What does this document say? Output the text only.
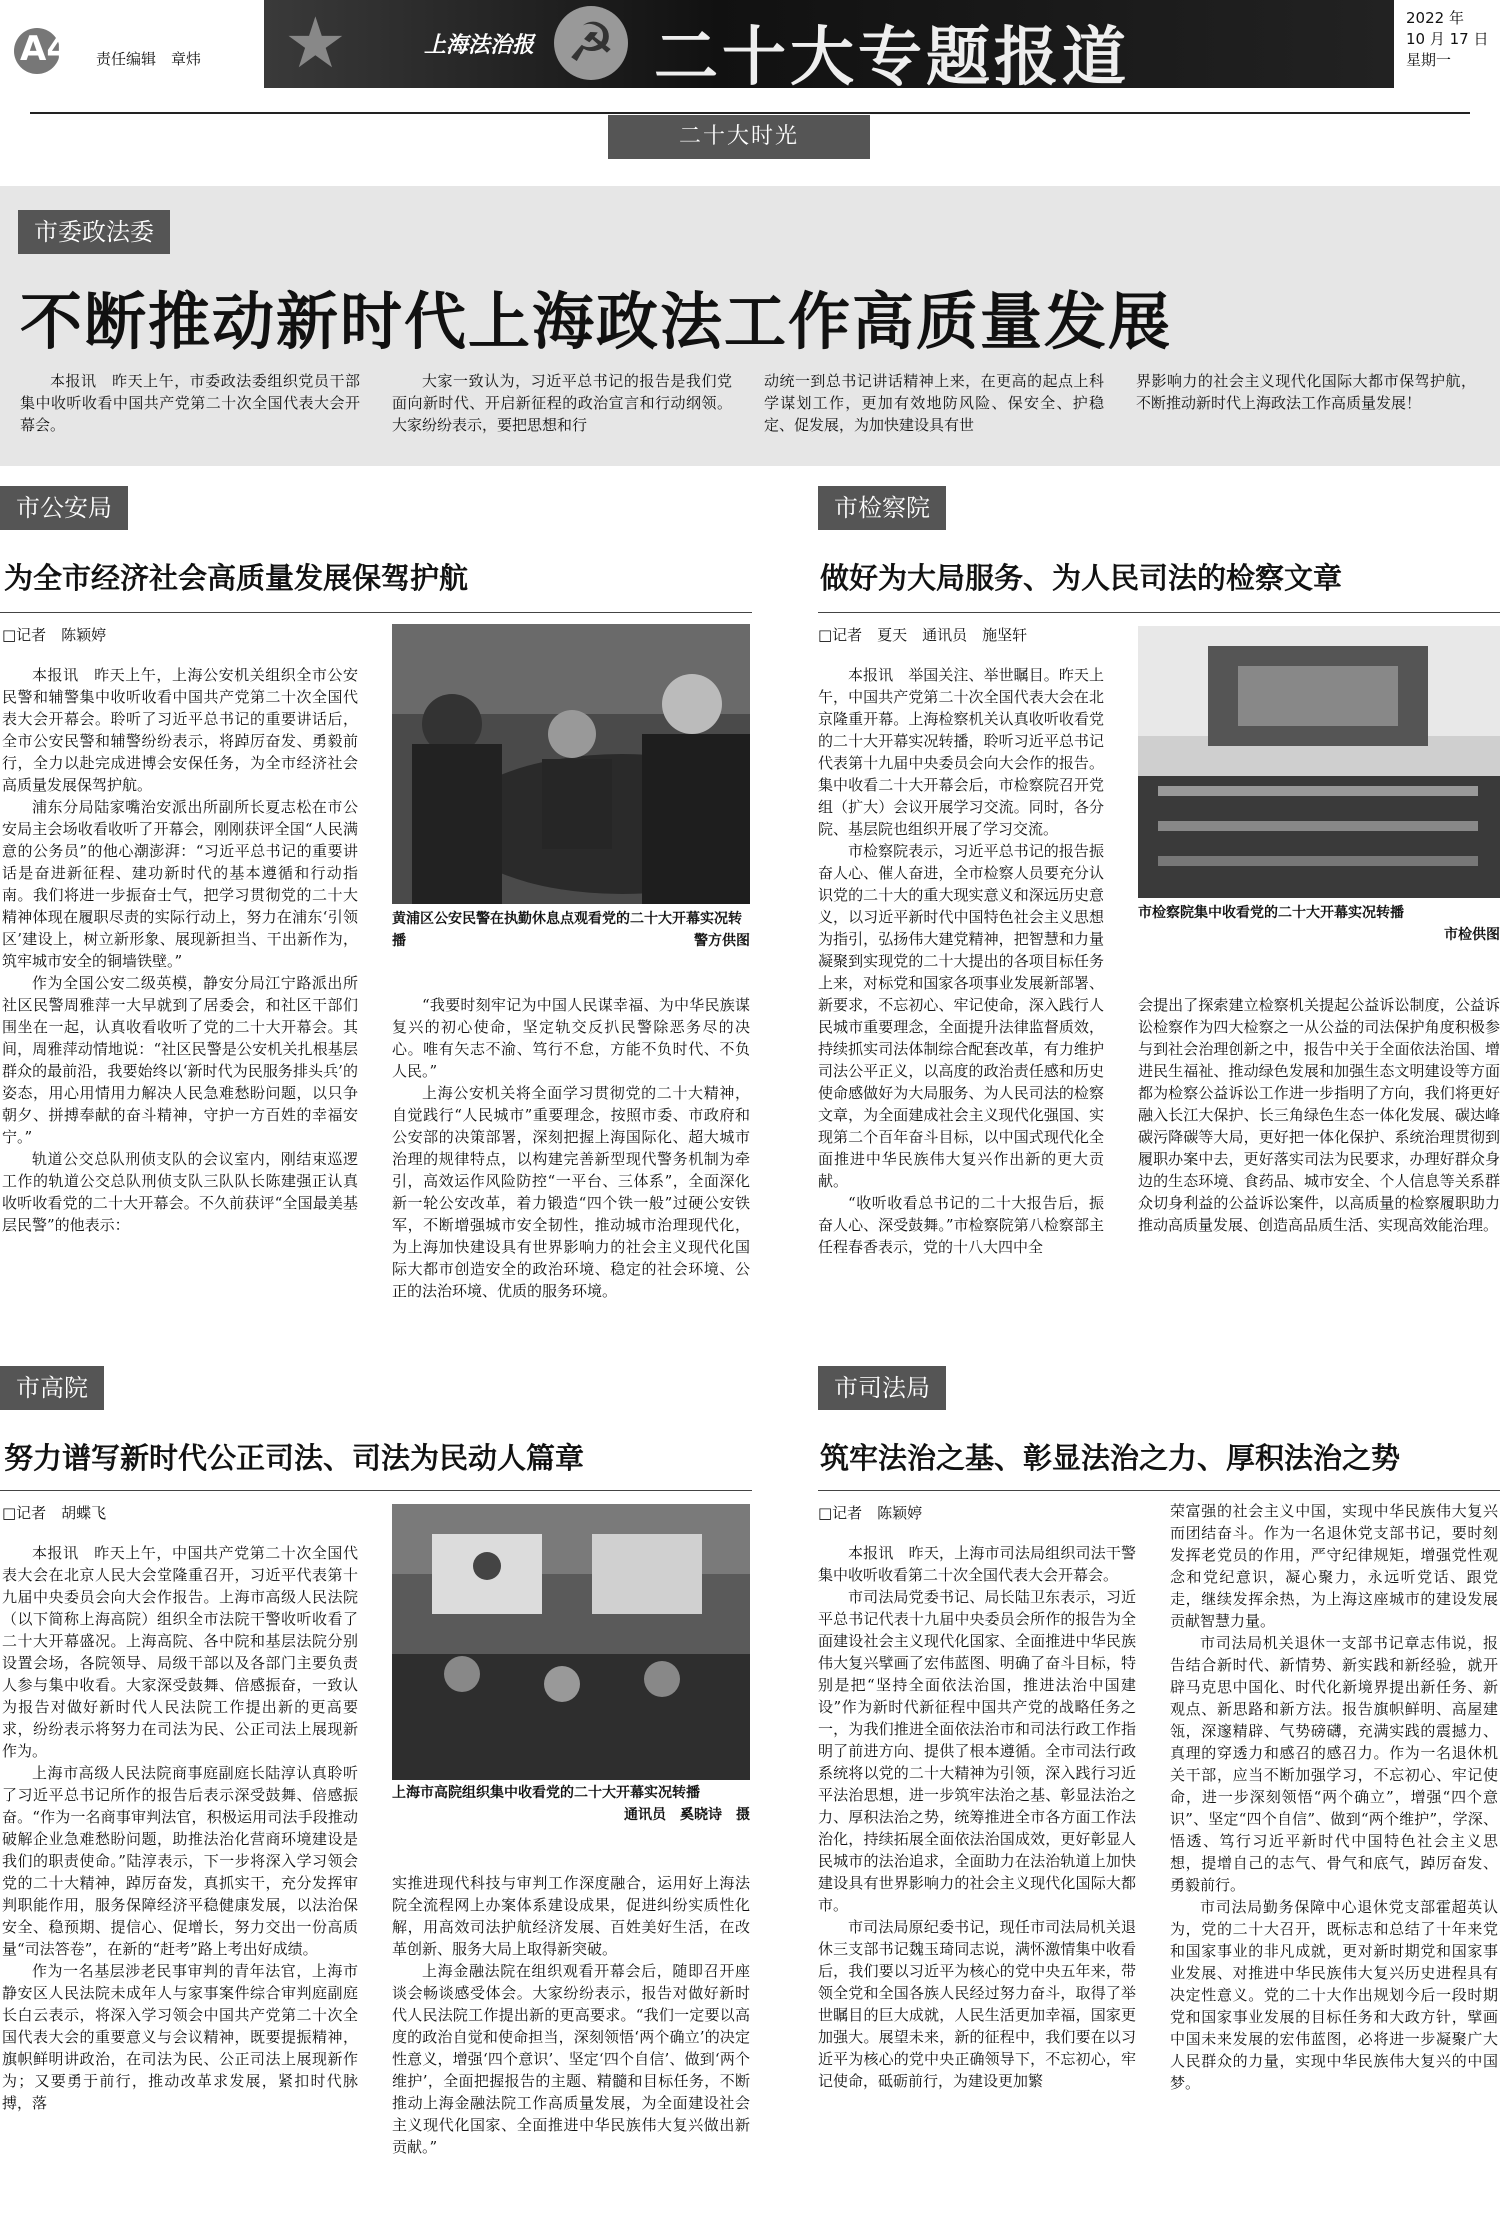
A4 责任编辑　章炜 ★	上海法治报 ☭ 二十大专题报道
2022 年
10 月 17 日
星期一
二十大时光
市委政法委
不断推动新时代上海政法工作高质量发展

本报讯　昨天上午，市委政法委组织党员干部集中收听收看中国共产党第二十次全国代表大会开幕会。

大家一致认为，习近平总书记的报告是我们党面向新时代、开启新征程的政治宣言和行动纲领。大家纷纷表示，要把思想和行

动统一到总书记讲话精神上来，在更高的起点上科学谋划工作，更加有效地防风险、保安全、护稳定、促发展，为加快建设具有世

界影响力的社会主义现代化国际大都市保驾护航，不断推动新时代上海政法工作高质量发展！

市公安局
为全市经济社会高质量发展保驾护航
□记者　陈颖婷

本报讯　昨天上午，上海公安机关组织全市公安民警和辅警集中收听收看中国共产党第二十次全国代表大会开幕会。聆听了习近平总书记的重要讲话后，全市公安民警和辅警纷纷表示，将踔厉奋发、勇毅前行，全力以赴完成进博会安保任务，为全市经济社会高质量发展保驾护航。

浦东分局陆家嘴治安派出所副所长夏志松在市公安局主会场收看收听了开幕会，刚刚获评全国“人民满意的公务员”的他心潮澎湃：“习近平总书记的重要讲话是奋进新征程、建功新时代的基本遵循和行动指南。我们将进一步振奋士气，把学习贯彻党的二十大精神体现在履职尽责的实际行动上，努力在浦东‘引领区’建设上，树立新形象、展现新担当、干出新作为，筑牢城市安全的铜墙铁壁。”

作为全国公安二级英模，静安分局江宁路派出所社区民警周雅萍一大早就到了居委会，和社区干部们围坐在一起，认真收看收听了党的二十大开幕会。其间，周雅萍动情地说：“社区民警是公安机关扎根基层群众的最前沿，我要始终以‘新时代为民服务排头兵’的姿态，用心用情用力解决人民急难愁盼问题，以只争朝夕、拼搏奉献的奋斗精神，守护一方百姓的幸福安宁。”

轨道公交总队刑侦支队的会议室内，刚结束巡逻工作的轨道公交总队刑侦支队三队队长陈建强正认真收听收看党的二十大开幕会。不久前获评“全国最美基层民警”的他表示：

黄浦区公安民警在执勤休息点观看党的二十大开幕实况转播	警方供图

“我要时刻牢记为中国人民谋幸福、为中华民族谋复兴的初心使命，坚定轨交反扒民警除恶务尽的决心。唯有矢志不渝、笃行不怠，方能不负时代、不负人民。”

上海公安机关将全面学习贯彻党的二十大精神，自觉践行“人民城市”重要理念，按照市委、市政府和公安部的决策部署，深刻把握上海国际化、超大城市治理的规律特点，以构建完善新型现代警务机制为牵引，高效运作风险防控“一平台、三体系”，全面深化新一轮公安改革，着力锻造“四个铁一般”过硬公安铁军，不断增强城市安全韧性，推动城市治理现代化，为上海加快建设具有世界影响力的社会主义现代化国际大都市创造安全的政治环境、稳定的社会环境、公正的法治环境、优质的服务环境。

市检察院
做好为大局服务、为人民司法的检察文章
□记者　夏天　通讯员　施坚轩

本报讯　举国关注、举世瞩目。昨天上午，中国共产党第二十次全国代表大会在北京隆重开幕。上海检察机关认真收听收看党的二十大开幕实况转播，聆听习近平总书记代表第十九届中央委员会向大会作的报告。集中收看二十大开幕会后，市检察院召开党组（扩大）会议开展学习交流。同时，各分院、基层院也组织开展了学习交流。

市检察院表示，习近平总书记的报告振奋人心、催人奋进，全市检察人员要充分认识党的二十大的重大现实意义和深远历史意义，以习近平新时代中国特色社会主义思想为指引，弘扬伟大建党精神，把智慧和力量凝聚到实现党的二十大提出的各项目标任务上来，对标党和国家各项事业发展新部署、新要求，不忘初心、牢记使命，深入践行人民城市重要理念，全面提升法律监督质效，持续抓实司法体制综合配套改革，有力维护司法公平正义，以高度的政治责任感和历史使命感做好为大局服务、为人民司法的检察文章，为全面建成社会主义现代化强国、实现第二个百年奋斗目标，以中国式现代化全面推进中华民族伟大复兴作出新的更大贡献。

“收听收看总书记的二十大报告后，振奋人心、深受鼓舞。”市检察院第八检察部主任程春香表示，党的十八大四中全

市检察院集中收看党的二十大开幕实况转播
市检供图

会提出了探索建立检察机关提起公益诉讼制度，公益诉讼检察作为四大检察之一从公益的司法保护角度积极参与到社会治理创新之中，报告中关于全面依法治国、增进民生福祉、推动绿色发展和加强生态文明建设等方面都为检察公益诉讼工作进一步指明了方向，我们将更好融入长江大保护、长三角绿色生态一体化发展、碳达峰碳污降碳等大局，更好把一体化保护、系统治理贯彻到履职办案中去，更好落实司法为民要求，办理好群众身边的生态环境、食药品、城市安全、个人信息等关系群众切身利益的公益诉讼案件，以高质量的检察履职助力推动高质量发展、创造高品质生活、实现高效能治理。

市高院
努力谱写新时代公正司法、司法为民动人篇章
□记者　胡蝶飞

本报讯　昨天上午，中国共产党第二十次全国代表大会在北京人民大会堂隆重召开，习近平代表第十九届中央委员会向大会作报告。上海市高级人民法院（以下简称上海高院）组织全市法院干警收听收看了二十大开幕盛况。上海高院、各中院和基层法院分别设置会场，各院领导、局级干部以及各部门主要负责人参与集中收看。大家深受鼓舞、倍感振奋，一致认为报告对做好新时代人民法院工作提出新的更高要求，纷纷表示将努力在司法为民、公正司法上展现新作为。

上海市高级人民法院商事庭副庭长陆淳认真聆听了习近平总书记所作的报告后表示深受鼓舞、倍感振奋。“作为一名商事审判法官，积极运用司法手段推动破解企业急难愁盼问题，助推法治化营商环境建设是我们的职责使命。”陆淳表示，下一步将深入学习领会党的二十大精神，踔厉奋发，真抓实干，充分发挥审判职能作用，服务保障经济平稳健康发展，以法治保安全、稳预期、提信心、促增长，努力交出一份高质量“司法答卷”，在新的“赶考”路上考出好成绩。

作为一名基层涉老民事审判的青年法官，上海市静安区人民法院未成年人与家事案件综合审判庭副庭长白云表示，将深入学习领会中国共产党第二十次全国代表大会的重要意义与会议精神，既要提振精神，旗帜鲜明讲政治，在司法为民、公正司法上展现新作为；又要勇于前行，推动改革求发展，紧扣时代脉搏，落

上海市高院组织集中收看党的二十大开幕实况转播
通讯员　奚晓诗　摄

实推进现代科技与审判工作深度融合，运用好上海法院全流程网上办案体系建设成果，促进纠纷实质性化解，用高效司法护航经济发展、百姓美好生活，在改革创新、服务大局上取得新突破。

上海金融法院在组织观看开幕会后，随即召开座谈会畅谈感受体会。大家纷纷表示，报告对做好新时代人民法院工作提出新的更高要求。“我们一定要以高度的政治自觉和使命担当，深刻领悟‘两个确立’的决定性意义，增强‘四个意识’、坚定‘四个自信’、做到‘两个维护’，全面把握报告的主题、精髓和目标任务，不断推动上海金融法院工作高质量发展，为全面建设社会主义现代化国家、全面推进中华民族伟大复兴做出新贡献。”

市司法局
筑牢法治之基、彰显法治之力、厚积法治之势
□记者　陈颖婷

本报讯　昨天，上海市司法局组织司法干警集中收听收看第二十次全国代表大会开幕会。

市司法局党委书记、局长陆卫东表示，习近平总书记代表十九届中央委员会所作的报告为全面建设社会主义现代化国家、全面推进中华民族伟大复兴擘画了宏伟蓝图、明确了奋斗目标，特别是把“坚持全面依法治国，推进法治中国建设”作为新时代新征程中国共产党的战略任务之一，为我们推进全面依法治市和司法行政工作指明了前进方向、提供了根本遵循。全市司法行政系统将以党的二十大精神为引领，深入践行习近平法治思想，进一步筑牢法治之基、彰显法治之力、厚积法治之势，统筹推进全市各方面工作法治化，持续拓展全面依法治国成效，更好彰显人民城市的法治追求，全面助力在法治轨道上加快建设具有世界影响力的社会主义现代化国际大都市。

市司法局原纪委书记，现任市司法局机关退休三支部书记魏玉琦同志说，满怀激情集中收看后，我们要以习近平为核心的党中央五年来，带领全党和全国各族人民经过努力奋斗，取得了举世瞩目的巨大成就，人民生活更加幸福，国家更加强大。展望未来，新的征程中，我们要在以习近平为核心的党中央正确领导下，不忘初心，牢记使命，砥砺前行，为建设更加繁

荣富强的社会主义中国，实现中华民族伟大复兴而团结奋斗。作为一名退休党支部书记，要时刻发挥老党员的作用，严守纪律规矩，增强党性观念和党纪意识，凝心聚力，永远听党话、跟党走，继续发挥余热，为上海这座城市的建设发展贡献智慧力量。

市司法局机关退休一支部书记章志伟说，报告结合新时代、新情势、新实践和新经验，就开辟马克思中国化、时代化新境界提出新任务、新观点、新思路和新方法。报告旗帜鲜明、高屋建瓴，深邃精辟、气势磅礴，充满实践的震撼力、真理的穿透力和感召的感召力。作为一名退休机关干部，应当不断加强学习，不忘初心、牢记使命，进一步深刻领悟“两个确立”，增强“四个意识”、坚定“四个自信”、做到“两个维护”，学深、悟透、笃行习近平新时代中国特色社会主义思想，提增自己的志气、骨气和底气，踔厉奋发、勇毅前行。

市司法局勤务保障中心退休党支部霍超英认为，党的二十大召开，既标志和总结了十年来党和国家事业的非凡成就，更对新时期党和国家事业发展、对推进中华民族伟大复兴历史进程具有决定性意义。党的二十大作出规划今后一段时期党和国家事业发展的目标任务和大政方针，擘画中国未来发展的宏伟蓝图，必将进一步凝聚广大人民群众的力量，实现中华民族伟大复兴的中国梦。
